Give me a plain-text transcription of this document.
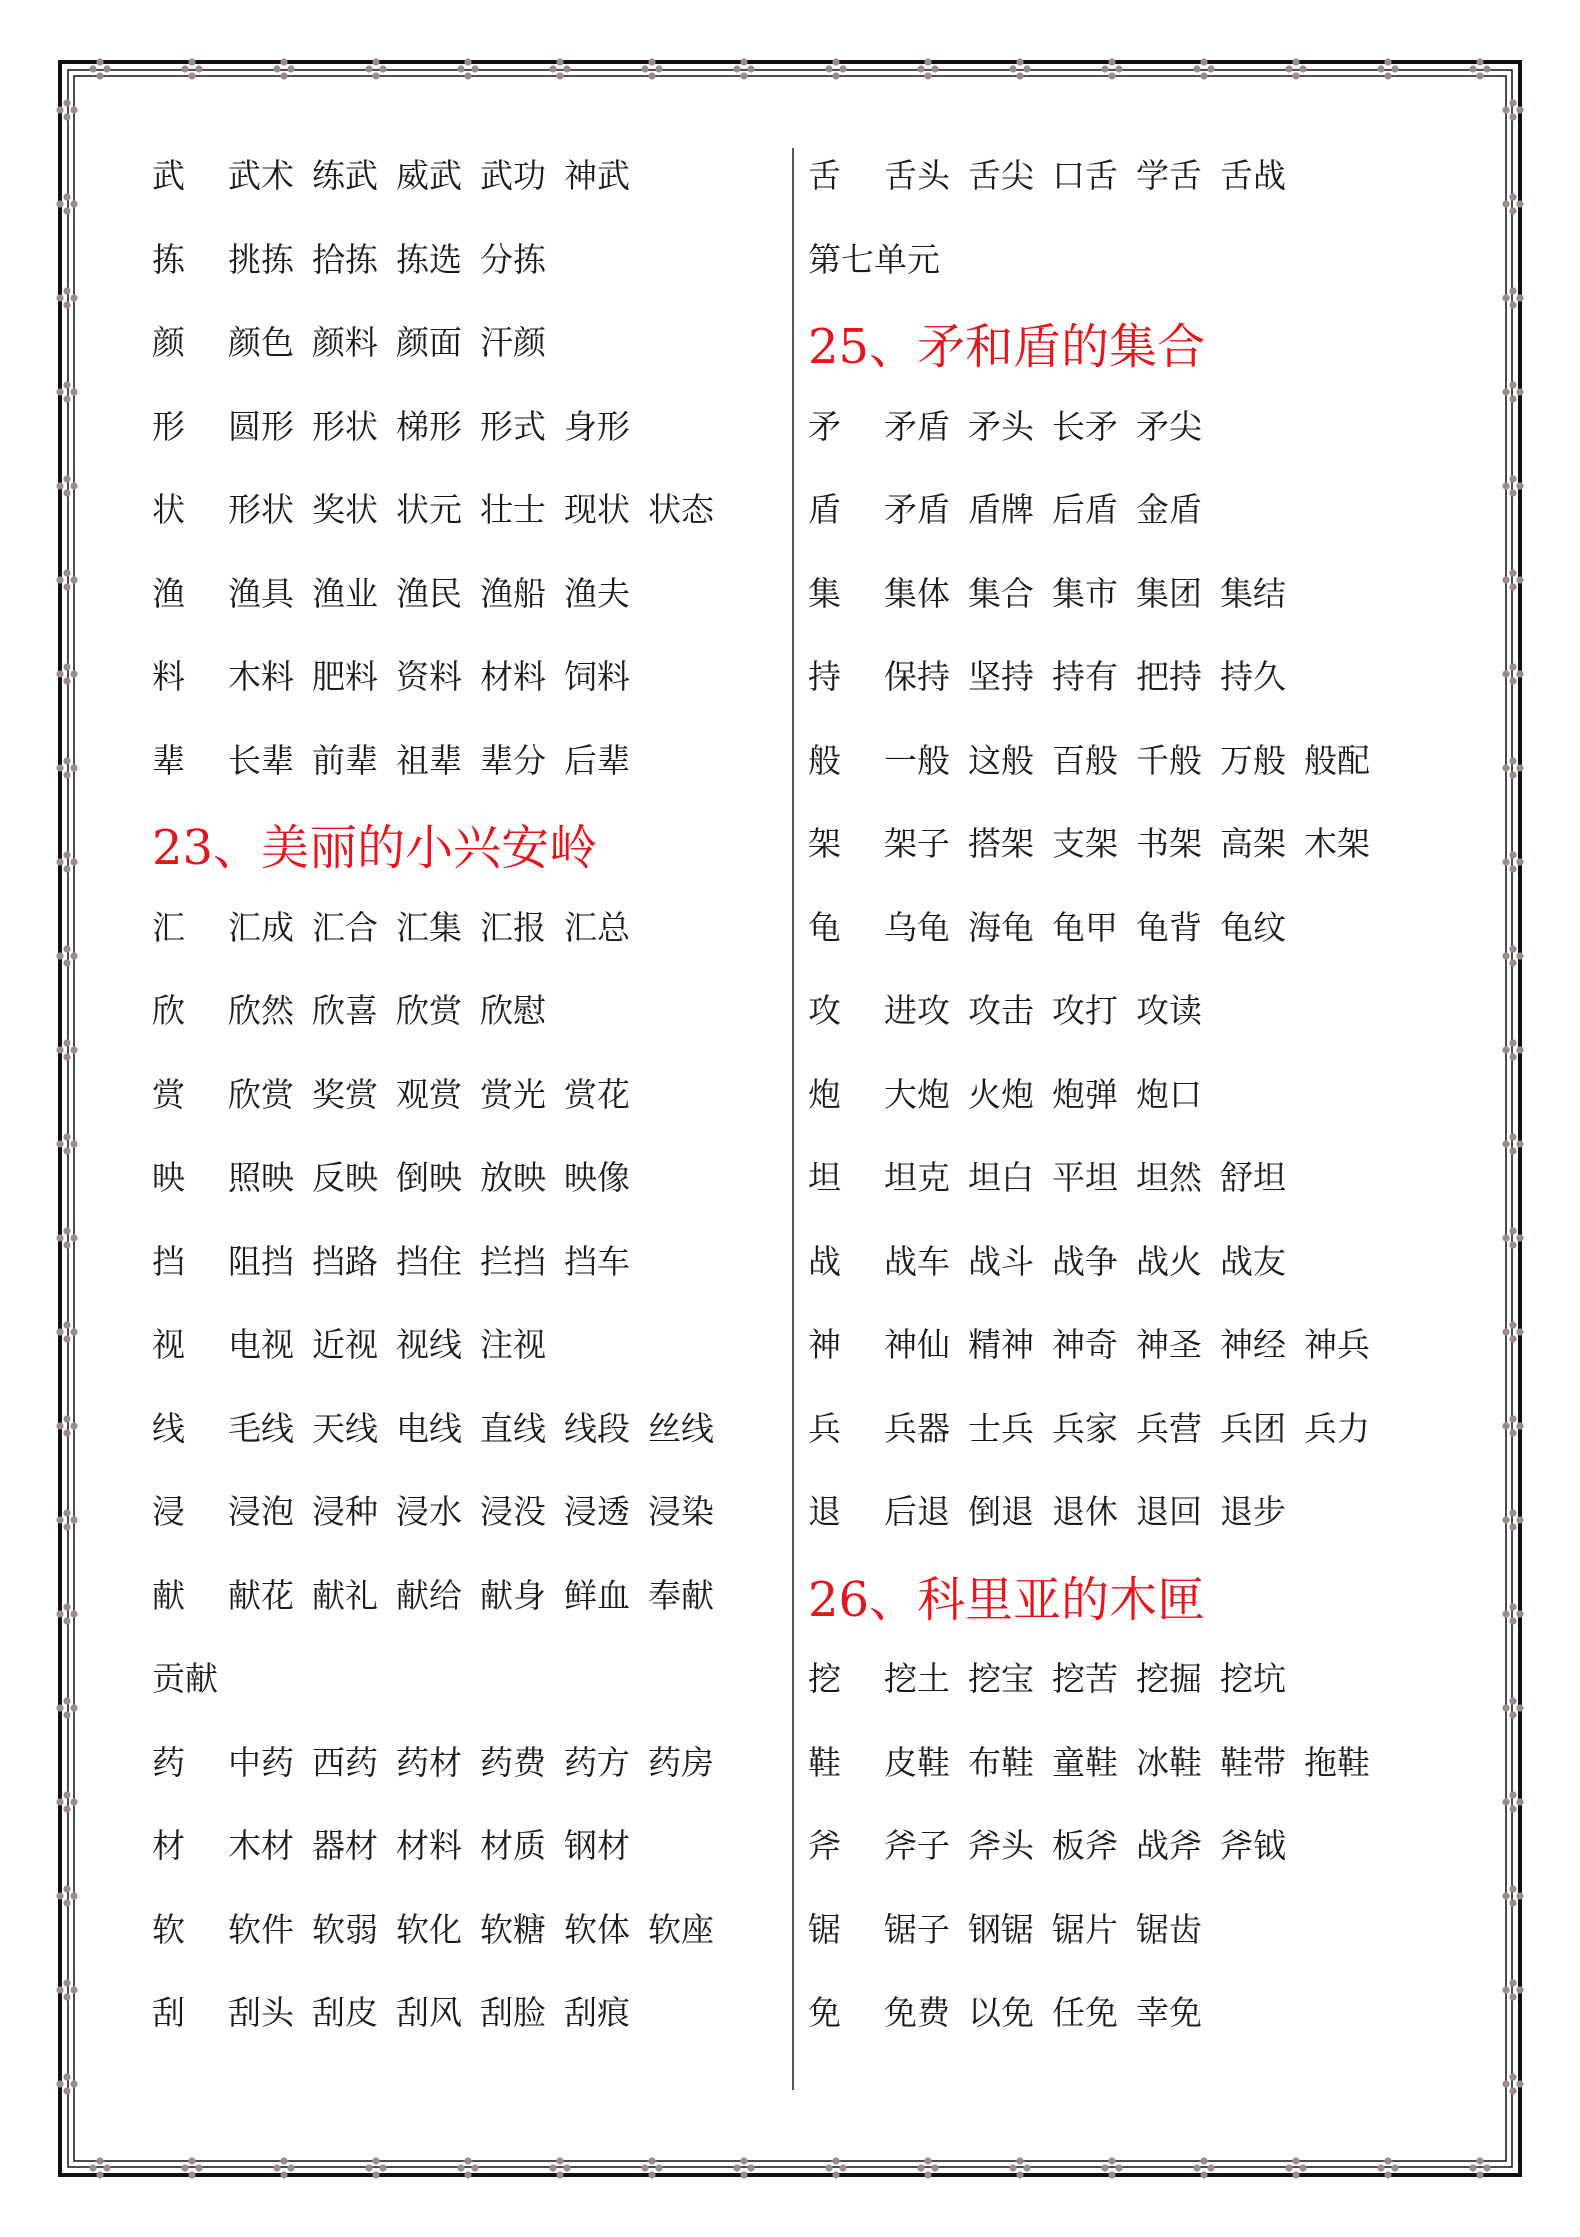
武	武术 练武 威武 武功 神武
拣	挑拣 拾拣 拣选 分拣
颜	颜色 颜料 颜面 汗颜
形	圆形 形状 梯形 形式 身形
状	形状 奖状 状元 壮士 现状 状态
渔	渔具 渔业 渔民 渔船 渔夫
料	木料 肥料 资料 材料 饲料
辈	长辈 前辈 祖辈 辈分 后辈
23、美丽的小兴安岭
汇	汇成 汇合 汇集 汇报 汇总
欣	欣然 欣喜 欣赏 欣慰
赏	欣赏 奖赏 观赏 赏光 赏花
映	照映 反映 倒映 放映 映像
挡	阻挡 挡路 挡住 拦挡 挡车
视	电视 近视 视线 注视
线	毛线 天线 电线 直线 线段 丝线
浸	浸泡 浸种 浸水 浸没 浸透 浸染
献	献花 献礼 献给 献身 鲜血 奉献
贡献
药	中药 西药 药材 药费 药方 药房
材	木材 器材 材料 材质 钢材
软	软件 软弱 软化 软糖 软体 软座
刮	刮头 刮皮 刮风 刮脸 刮痕
舌	舌头 舌尖 口舌 学舌 舌战
第七单元
25、矛和盾的集合
矛	矛盾 矛头 长矛 矛尖
盾	矛盾 盾牌 后盾 金盾
集	集体 集合 集市 集团 集结
持	保持 坚持 持有 把持 持久
般	一般 这般 百般 千般 万般 般配
架	架子 搭架 支架 书架 高架 木架
龟	乌龟 海龟 龟甲 龟背 龟纹
攻	进攻 攻击 攻打 攻读
炮	大炮 火炮 炮弹 炮口
坦	坦克 坦白 平坦 坦然 舒坦
战	战车 战斗 战争 战火 战友
神	神仙 精神 神奇 神圣 神经 神兵
兵	兵器 士兵 兵家 兵营 兵团 兵力
退	后退 倒退 退休 退回 退步
26、科里亚的木匣
挖	挖土 挖宝 挖苦 挖掘 挖坑
鞋	皮鞋 布鞋 童鞋 冰鞋 鞋带 拖鞋
斧	斧子 斧头 板斧 战斧 斧钺
锯	锯子 钢锯 锯片 锯齿
免	免费 以免 任免 幸免
